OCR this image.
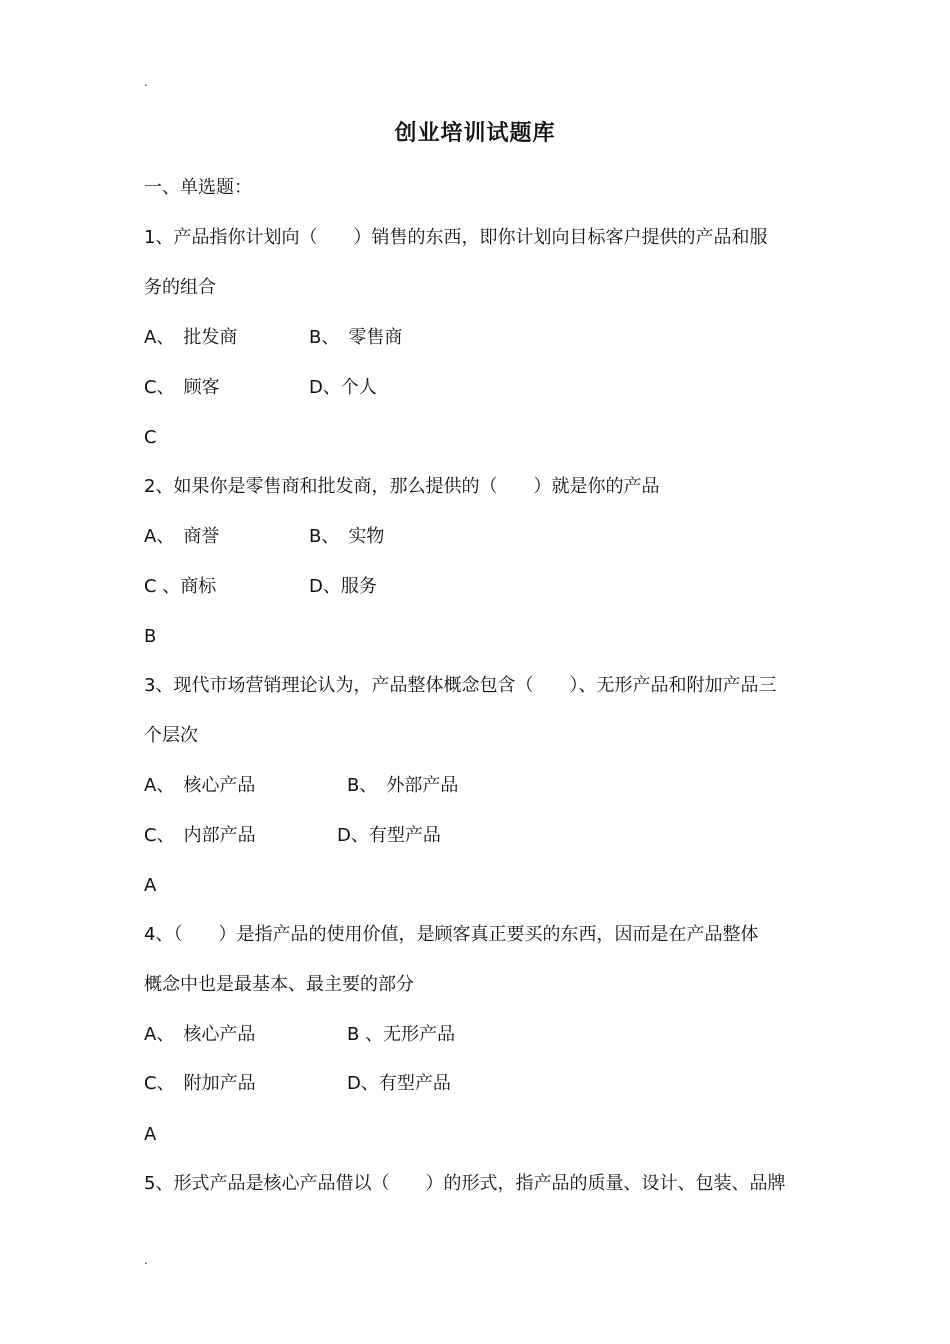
.
创业培训试题库
一、单选题：
1、产品指你计划向（　　）销售的东西，即你计划向目标客户提供的产品和服
务的组合
A、　批发商	B、　零售商
C、　顾客	D、个人
C
2、如果你是零售商和批发商，那么提供的（　　）就是你的产品
A、　商誉	B、　实物
C 、商标	D、服务
B
3、现代市场营销理论认为，产品整体概念包含（　　）、无形产品和附加产品三
个层次
A、　核心产品	B、　外部产品
C、　内部产品	D、有型产品
A
4、（　　）是指产品的使用价值，是顾客真正要买的东西，因而是在产品整体
概念中也是最基本、最主要的部分
A、　核心产品	B 、无形产品
C、　附加产品	D、有型产品
A
5、形式产品是核心产品借以（　　）的形式，指产品的质量、设计、包装、品牌
.
